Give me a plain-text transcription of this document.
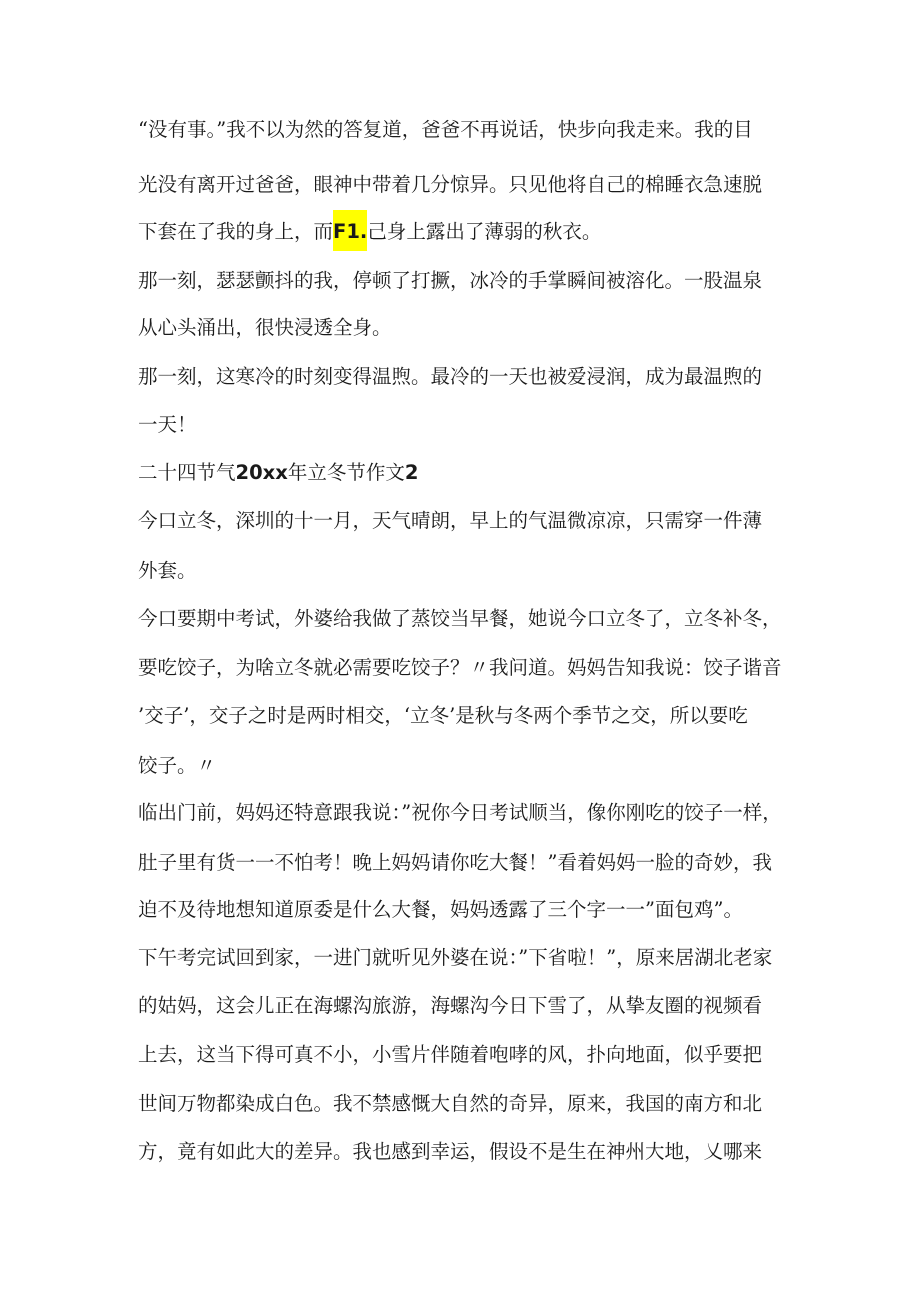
“没有事。”我不以为然的答复道，爸爸不再说话，快步向我走来。我的目
光没有离开过爸爸，眼神中带着几分惊异。只见他将自己的棉睡衣急速脱
下套在了我的身上，而F1.己身上露出了薄弱的秋衣。
那一刻，瑟瑟颤抖的我，停顿了打撅，冰冷的手掌瞬间被溶化。一股温泉
从心头涌出，很快浸透全身。
那一刻，这寒冷的时刻变得温煦。最冷的一天也被爱浸润，成为最温煦的
一天！
二十四节气20xx年立冬节作文2
今口立冬，深圳的十一月，天气晴朗，早上的气温微凉凉，只需穿一件薄
外套。
今口要期中考试，外婆给我做了蒸饺当早餐，她说今口立冬了，立冬补冬，
要吃饺子，为啥立冬就必需要吃饺子？〃我问道。妈妈告知我说：饺子谐音
’交子’，交子之时是两时相交，‘立冬’是秋与冬两个季节之交，所以要吃
饺子。〃
临出门前，妈妈还特意跟我说：”祝你今日考试顺当，像你刚吃的饺子一样，
肚子里有货一一不怕考！晚上妈妈请你吃大餐！”看着妈妈一脸的奇妙，我
迫不及待地想知道原委是什么大餐，妈妈透露了三个字一一”面包鸡”。
下午考完试回到家，一进门就听见外婆在说：”下省啦！”，原来居湖北老家
的姑妈，这会儿正在海螺沟旅游，海螺沟今日下雪了，从挚友圈的视频看
上去，这当下得可真不小，小雪片伴随着咆哮的风，扑向地面，似乎要把
世间万物都染成白色。我不禁感慨大自然的奇异，原来，我国的南方和北
方，竟有如此大的差异。我也感到幸运，假设不是生在神州大地，乂哪来
